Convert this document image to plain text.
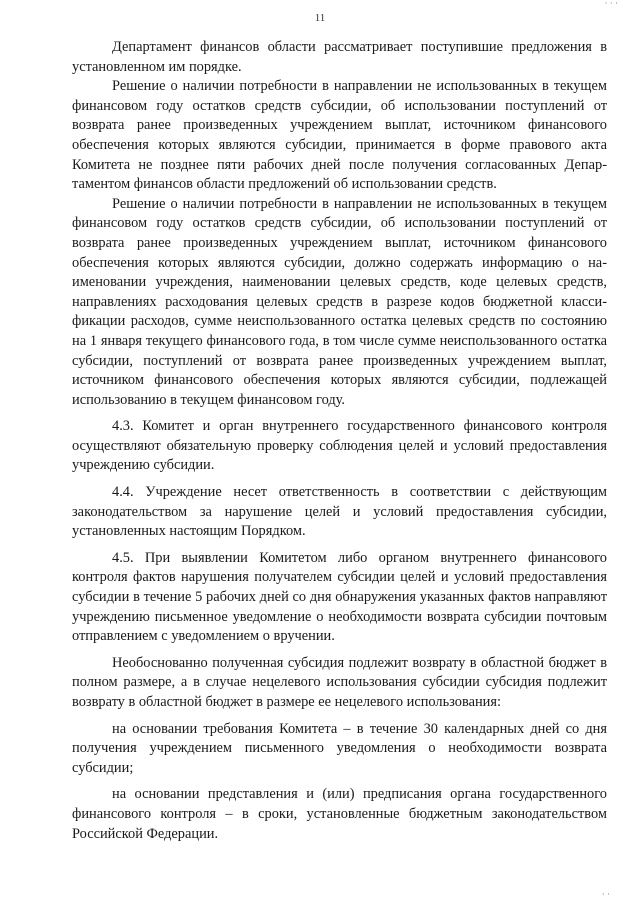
· · ·
11

Департамент финансов области рассматривает поступившие предложения в установленном им порядке.

Решение о наличии потребности в направлении не использованных в текущем финансовом году остатков средств субсидии, об использовании поступлений от возврата ранее произведенных учреждением выплат, источником финансового обеспечения которых являются субсидии, принимается в форме правового акта Комитета не позднее пяти рабочих дней после получения согласованных Департаментом финансов области предложений об использовании средств.

Решение о наличии потребности в направлении не использованных в текущем финансовом году остатков средств субсидии, об использовании поступлений от возврата ранее произведенных учреждением выплат, источником финансового обеспечения которых являются субсидии, должно содержать информацию о наименовании учреждения, наименовании целевых средств, коде целевых средств, направлениях расходования целевых средств в разрезе кодов бюджетной классификации расходов, сумме неиспользованного остатка целевых средств по состоянию на 1 января текущего финансового года, в том числе сумме неиспользованного остатка субсидии, поступлений от возврата ранее произведенных учреждением выплат, источником финансового обеспечения которых являются субсидии, подлежащей использованию в текущем финансовом году.

4.3. Комитет и орган внутреннего государственного финансового контроля осуществляют обязательную проверку соблюдения целей и условий предоставления учреждению субсидии.

4.4. Учреждение несет ответственность в соответствии с действующим законодательством за нарушение целей и условий предоставления субсидии, установленных настоящим Порядком.

4.5. При выявлении Комитетом либо органом внутреннего финансового контроля фактов нарушения получателем субсидии целей и условий предоставления субсидии в течение 5 рабочих дней со дня обнаружения указанных фактов направляют учреждению письменное уведомление о необходимости возврата субсидии почтовым отправлением с уведомлением о вручении.

Необоснованно полученная субсидия подлежит возврату в областной бюджет в полном размере, а в случае нецелевого использования субсидии субсидия подлежит возврату в областной бюджет в размере ее нецелевого использования:

на основании требования Комитета – в течение 30 календарных дней со дня получения учреждением письменного уведомления о необходимости возврата субсидии;

на основании представления и (или) предписания органа государственного финансового контроля – в сроки, установленные бюджетным законодательством Российской Федерации.

· ·
